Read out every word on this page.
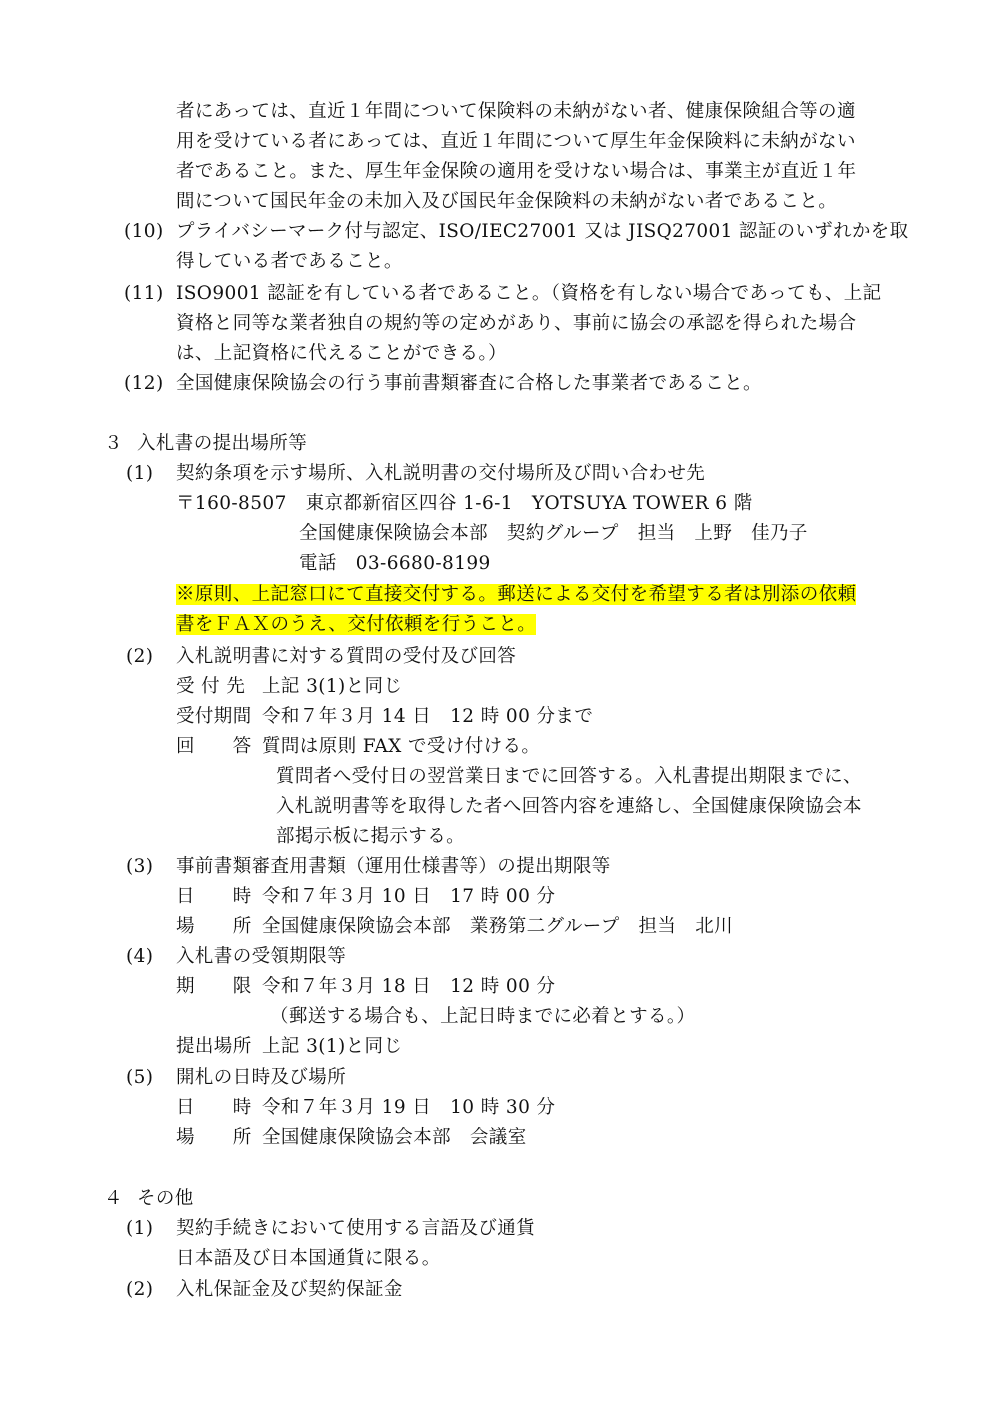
者にあっては、直近１年間について保険料の未納がない者、健康保険組合等の適
用を受けている者にあっては、直近１年間について厚生年金保険料に未納がない
者であること。また、厚生年金保険の適用を受けない場合は、事業主が直近１年
間について国民年金の未加入及び国民年金保険料の未納がない者であること。
(10) プライバシーマーク付与認定、ISO/IEC27001 又は JISQ27001 認証のいずれかを取
得している者であること。
(11) ISO9001 認証を有している者であること。（資格を有しない場合であっても、上記
資格と同等な業者独自の規約等の定めがあり、事前に協会の承認を得られた場合
は、上記資格に代えることができる。）
(12) 全国健康保険協会の行う事前書類審査に合格した事業者であること。
３ 入札書の提出場所等
(1) 契約条項を示す場所、入札説明書の交付場所及び問い合わせ先
〒160-8507　東京都新宿区四谷 1-6-1　YOTSUYA TOWER 6 階
全国健康保険協会本部　契約グループ　担当　上野　佳乃子
電話　03-6680-8199
※原則、上記窓口にて直接交付する。郵送による交付を希望する者は別添の依頼
書をＦＡＸのうえ、交付依頼を行うこと。
(2) 入札説明書に対する質問の受付及び回答
受 付 先 上記 3(1)と同じ
受付期間 令和７年３月 14 日　12 時 00 分まで
回　　答 質問は原則 FAX で受け付ける。
質問者へ受付日の翌営業日までに回答する。入札書提出期限までに、
入札説明書等を取得した者へ回答内容を連絡し、全国健康保険協会本
部掲示板に掲示する。
(3) 事前書類審査用書類（運用仕様書等）の提出期限等
日　　時 令和７年３月 10 日　17 時 00 分
場　　所 全国健康保険協会本部　業務第二グループ　担当　北川
(4) 入札書の受領期限等
期　　限 令和７年３月 18 日　12 時 00 分
（郵送する場合も、上記日時までに必着とする。）
提出場所 上記 3(1)と同じ
(5) 開札の日時及び場所
日　　時 令和７年３月 19 日　10 時 30 分
場　　所 全国健康保険協会本部　会議室
４ その他
(1) 契約手続きにおいて使用する言語及び通貨
日本語及び日本国通貨に限る。
(2) 入札保証金及び契約保証金
